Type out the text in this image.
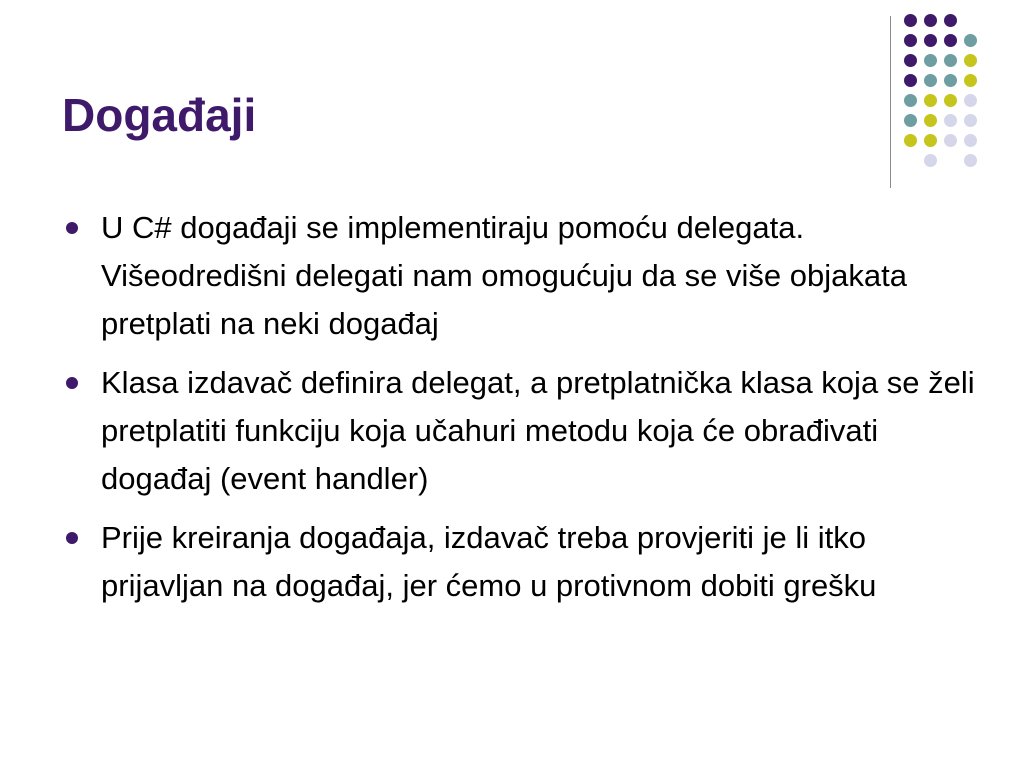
Događaji
U C# događaji se implementiraju pomoću delegata. Višeodredišni delegati nam omogućuju da se više objakata pretplati na neki događaj
Klasa izdavač definira delegat, a pretplatnička klasa koja se želi pretplatiti funkciju koja učahuri metodu koja će obrađivati događaj (event handler)
Prije kreiranja događaja, izdavač treba provjeriti je li itko prijavljan na događaj, jer ćemo u protivnom dobiti grešku
